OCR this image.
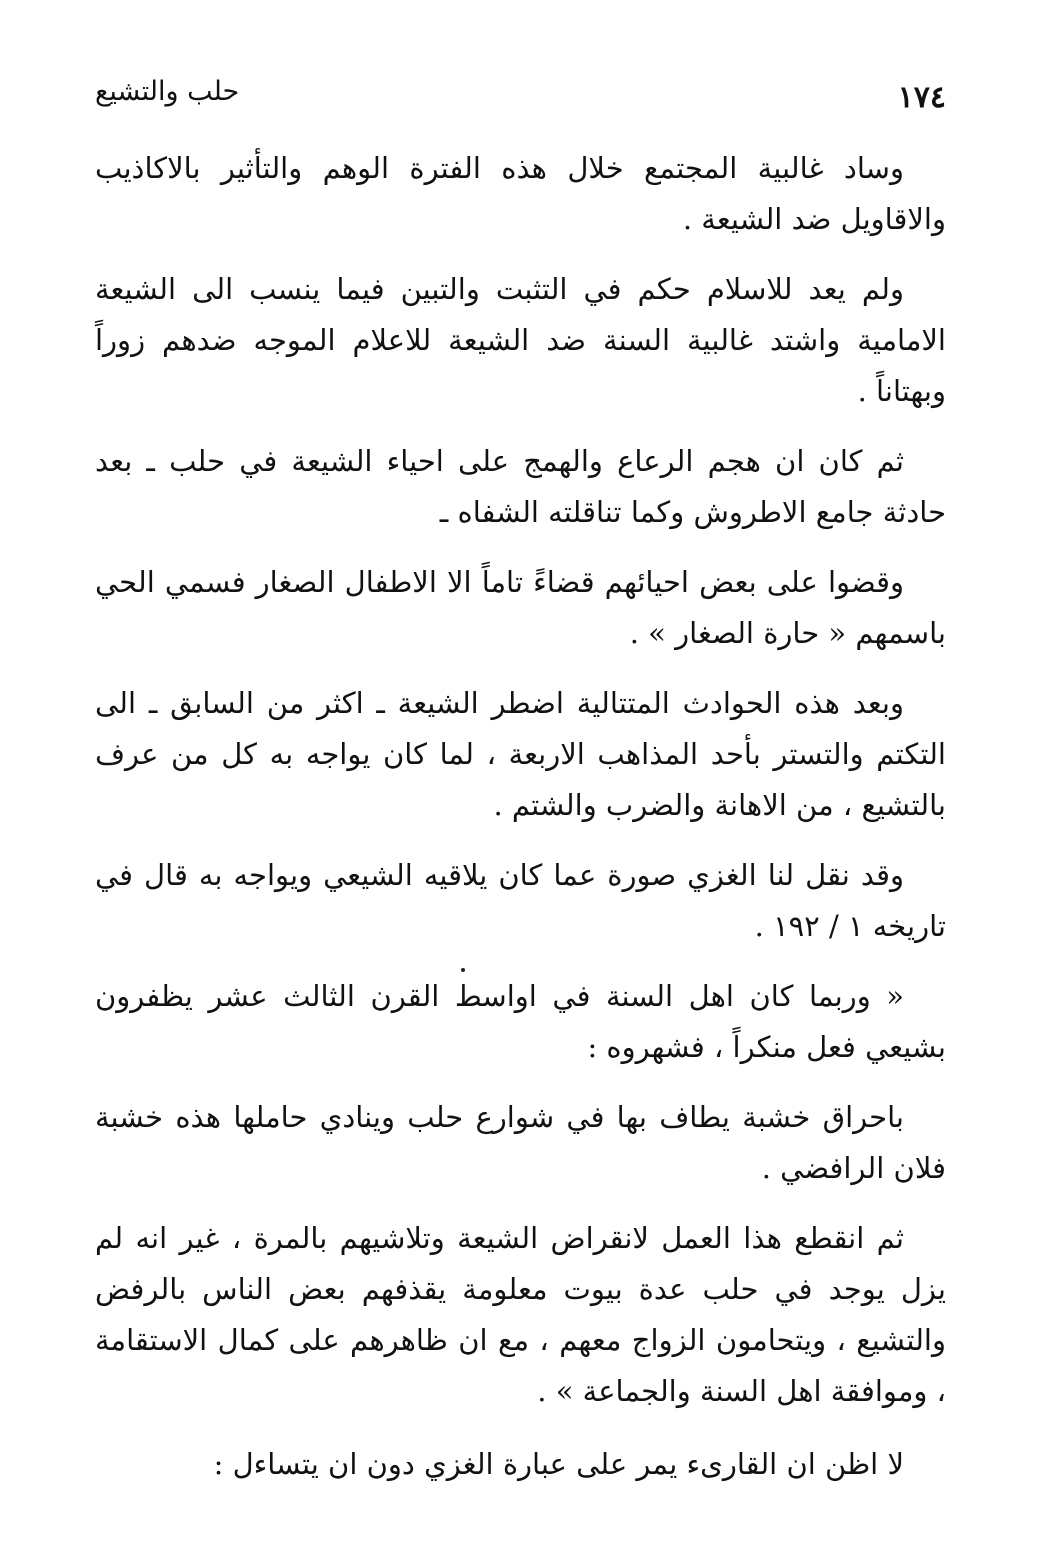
١٧٤
حلب والتشيع

وساد غالبية المجتمع خلال هذه الفترة الوهم والتأثير بالاكاذيب والاقاويل ضد الشيعة .

ولم يعد للاسلام حكم في التثبت والتبين فيما ينسب الى الشيعة الامامية واشتد غالبية السنة ضد الشيعة للاعلام الموجه ضدهم زوراً وبهتاناً .

ثم كان ان هجم الرعاع والهمج على احياء الشيعة في حلب ـ بعد حادثة جامع الاطروش وكما تناقلته الشفاه ـ

وقضوا على بعض احيائهم قضاءً تاماً الا الاطفال الصغار فسمي الحي باسمهم « حارة الصغار » .

وبعد هذه الحوادث المتتالية اضطر الشيعة ـ اكثر من السابق ـ الى التكتم والتستر بأحد المذاهب الاربعة ، لما كان يواجه به كل من عرف بالتشيع ، من الاهانة والضرب والشتم .

وقد نقل لنا الغزي صورة عما كان يلاقيه الشيعي ويواجه به قال في تاريخه ١ / ١٩٢ .

« وربما كان اهل السنة في اواسط القرن الثالث عشر يظفرون بشيعي فعل منكراً ، فشهروه :

باحراق خشبة يطاف بها في شوارع حلب وينادي حاملها هذه خشبة فلان الرافضي .

ثم انقطع هذا العمل لانقراض الشيعة وتلاشيهم بالمرة ، غير انه لم يزل يوجد في حلب عدة بيوت معلومة يقذفهم بعض الناس بالرفض والتشيع ، ويتحامون الزواج معهم ، مع ان ظاهرهم على كمال الاستقامة ، وموافقة اهل السنة والجماعة » .

لا اظن ان القارىء يمر على عبارة الغزي دون ان يتساءل :
